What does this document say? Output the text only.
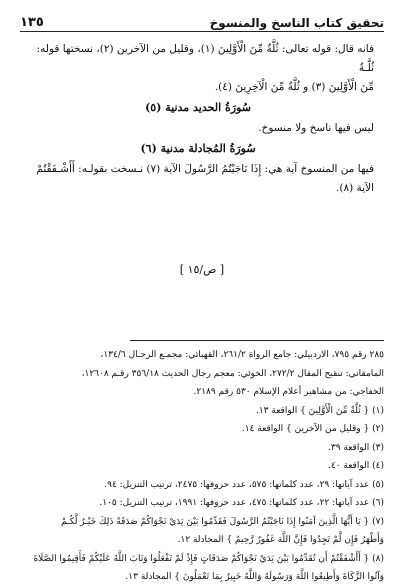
تحقيق كتاب الناسخ والمنسوخ
١٣٥

فانه قال: قوله تعالى: ثُلَّةٌ مِّنَ الْأَوَّلِينَ (١)، وقليل من الآخرين (٢)، نسختها قوله: ثُلَّـةٌ

مِّنَ الْأَوَّلِينَ (٣) و ثُلَّةٌ مِّنَ الْآخِرِينَ (٤).

سُورَةُ الحديد مدنية (٥)

ليس فيها ناسخ ولا منسوخ.

سُورَةُ المُجادلة مدنية (٦)

فيها من المنسوخ آية هي: إِذَا نَاجَيْتُمُ الرَّسُولَ الآية (٧) نـسخت بقولـه: أَأَشْـفَقْتُمْ

الآية (٨).

[ ص/١٥ ]

٢٨٥ رقم ٧٩٥، الاردبيلي: جامع الرواة ٢٦١/٢، القهبائي: مجمـع الرجـال ١٣٤/٦،

المامقاني: تنقيح المقال ٢٧٢/٢، الخوئي: معجم رجال الحديث ٣٥٦/١٨ رقـم ١٢٦٠٨،

الخفاجي: من مشاهير أعلام الإسلام ٥٣٠ رقم ٢١٨٩.

(١) { ثُلَّةٌ مِّنَ الْأَوَّلِينَ } الواقعة ١٣.

(٢) { وقليل من الآخرين } الواقعة ١٤.

(٣) الواقعة ٣٩.

(٤) الواقعة ٤٠.

(٥) عدد آياتها: ٢٩، عدد كلماتها: ٥٧٥، عدد حروفها: ٢٤٧٥، ترتيب التنزيل: ٩٤.

(٦) عدد آياتها: ٢٢، عدد كلماتها: ٤٧٥، عدد حروفها: ١٩٩١، ترتيب التنزيل: ١٠٥.

(٧) { يَا أَيُّهَا الَّذِينَ آمَنُوا إِذَا نَاجَيْتُمُ الرَّسُولَ فَقَدِّمُوا بَيْنَ يَدَيْ نَجْوَاكُمْ صَدَقَةً ذَلِكَ خَيْـرٌ لَّكُـمْ

وَأَطْهَرُ فَإِن لَّمْ تَجِدُوا فَإِنَّ اللَّهَ غَفُورٌ رَّحِيمٌ } المجادلة ١٢.

(٨) { أَأَشْفَقْتُمْ أَن تُقَدِّمُوا بَيْنَ يَدَيْ نَجْوَاكُمْ صَدَقَاتٍ فَإِذْ لَمْ تَفْعَلُوا وَتَابَ اللَّهُ عَلَيْكُمْ فَأَقِيمُوا الصَّلَاةَ

وَآتُوا الزَّكَاةَ وَأَطِيعُوا اللَّهَ وَرَسُولَهُ وَاللَّهُ خَبِيرٌ بِمَا تَعْمَلُونَ } المجادلة ١٣.
